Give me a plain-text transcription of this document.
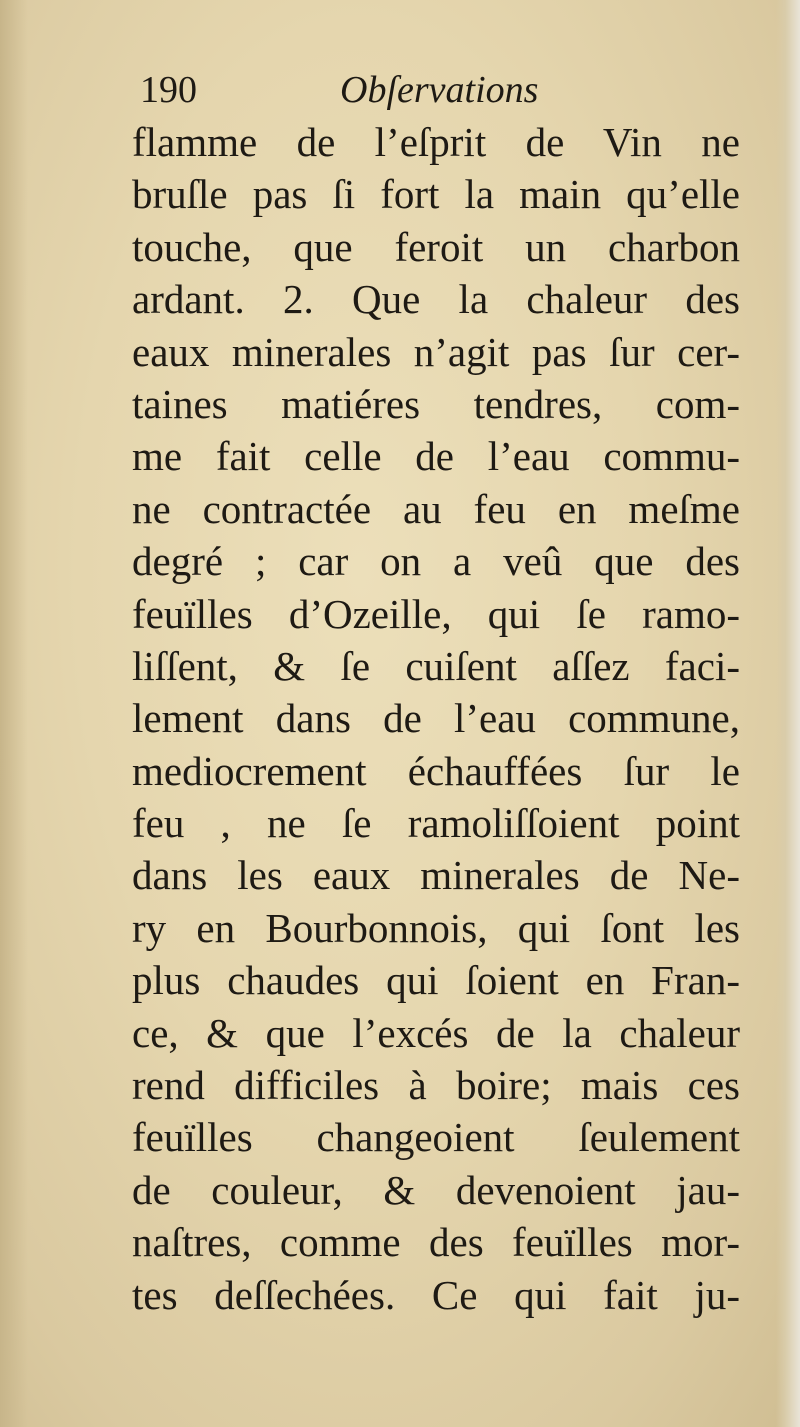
190	Obſervations
flamme de l’eſprit de Vin ne
bruſle pas ſi fort la main qu’elle
touche, que feroit un charbon
ardant. 2. Que la chaleur des
eaux minerales n’agit pas ſur cer-
taines matiéres tendres, com-
me fait celle de l’eau commu-
ne contractée au feu en meſme
degré ; car on a veû que des
feuïlles d’Ozeille, qui ſe ramo-
liſſent, & ſe cuiſent aſſez faci-
lement dans de l’eau commune,
mediocrement échauffées ſur le
feu , ne ſe ramoliſſoient point
dans les eaux minerales de Ne-
ry en Bourbonnois, qui ſont les
plus chaudes qui ſoient en Fran-
ce, & que l’excés de la chaleur
rend difficiles à boire; mais ces
feuïlles changeoient ſeulement
de couleur, & devenoient jau-
naſtres, comme des feuïlles mor-
tes deſſechées. Ce qui fait ju-
